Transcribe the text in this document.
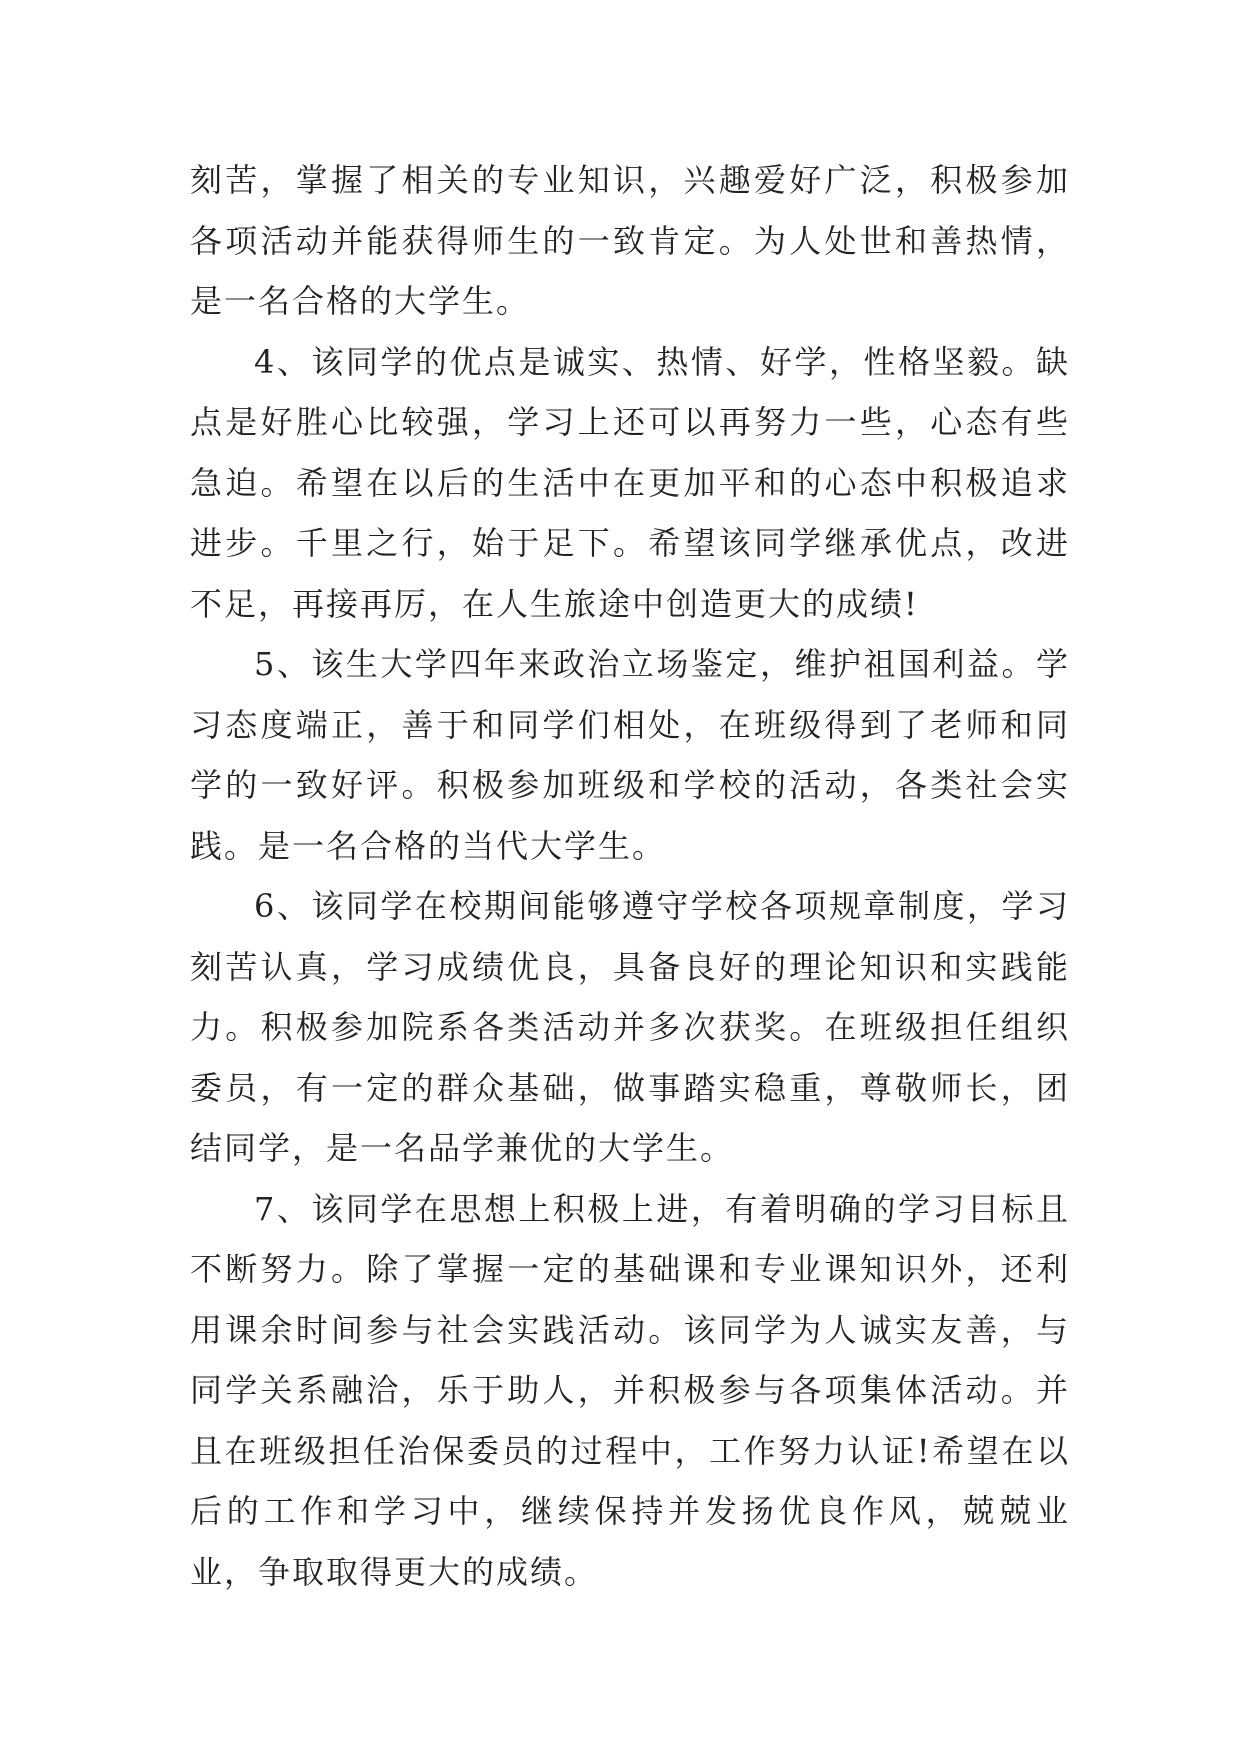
刻苦，掌握了相关的专业知识，兴趣爱好广泛，积极参加各项活动并能获得师生的一致肯定。为人处世和善热情，是一名合格的大学生。

4、该同学的优点是诚实、热情、好学，性格坚毅。缺点是好胜心比较强，学习上还可以再努力一些，心态有些急迫。希望在以后的生活中在更加平和的心态中积极追求进步。千里之行，始于足下。希望该同学继承优点，改进不足，再接再厉，在人生旅途中创造更大的成绩!

5、该生大学四年来政治立场鉴定，维护祖国利益。学习态度端正，善于和同学们相处，在班级得到了老师和同学的一致好评。积极参加班级和学校的活动，各类社会实践。是一名合格的当代大学生。

6、该同学在校期间能够遵守学校各项规章制度，学习刻苦认真，学习成绩优良，具备良好的理论知识和实践能力。积极参加院系各类活动并多次获奖。在班级担任组织委员，有一定的群众基础，做事踏实稳重，尊敬师长，团结同学，是一名品学兼优的大学生。

7、该同学在思想上积极上进，有着明确的学习目标且不断努力。除了掌握一定的基础课和专业课知识外，还利用课余时间参与社会实践活动。该同学为人诚实友善，与同学关系融洽，乐于助人，并积极参与各项集体活动。并且在班级担任治保委员的过程中，工作努力认证!希望在以后的工作和学习中，继续保持并发扬优良作风，兢兢业业，争取取得更大的成绩。
